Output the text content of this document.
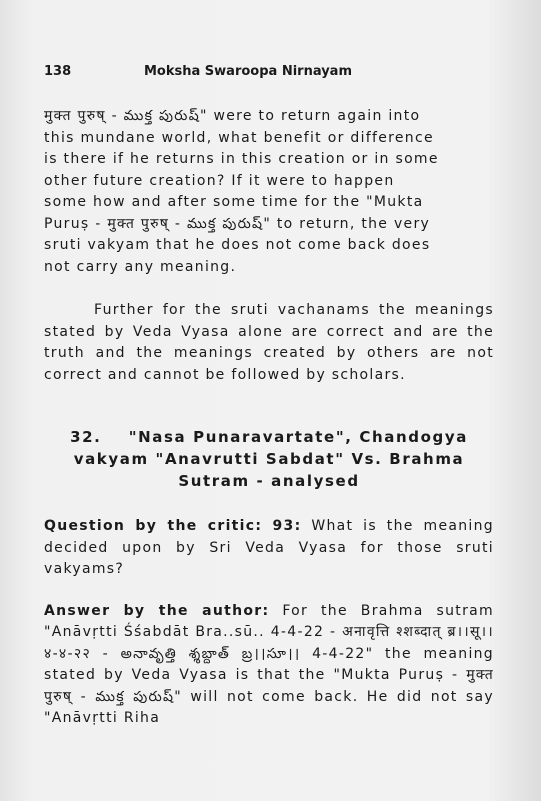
138	Moksha Swaroopa Nirnayam

मुक्त पुरुष् - ముక్త పురుష్" were to return again into

this mundane world, what benefit or difference

is there if he returns in this creation or in some

other future creation? If it were to happen

some how and after some time for the "Mukta

Puruṣ - मुक्त पुरुष् - ముక్త పురుష్" to return, the very

sruti vakyam that he does not come back does

not carry any meaning.

Further for the sruti vachanams the meanings stated by Veda Vyasa alone are correct and are the truth and the meanings created by others are not correct and cannot be followed by scholars.

32. "Nasa Punaravartate", Chandogya
vakyam "Anavrutti Sabdat" Vs. Brahma
Sutram - analysed

Question by the critic: 93: What is the meaning decided upon by Sri Veda Vyasa for those sruti vakyams?

Answer by the author: For the Brahma sutram "Anāvṛtti Śśabdāt Bra..sū.. 4-4-22 - अनावृत्ति श्शब्दात् ब्र।।सू।। ४-४-२२ - అనావృత్తి శ్శబ్దాత్ బ్ర।।సూ।। 4-4-22" the meaning stated by Veda Vyasa is that the "Mukta Puruṣ - मुक्त पुरुष् - ముక్త పురుష్" will not come back. He did not say "Anāvṛtti Riha
